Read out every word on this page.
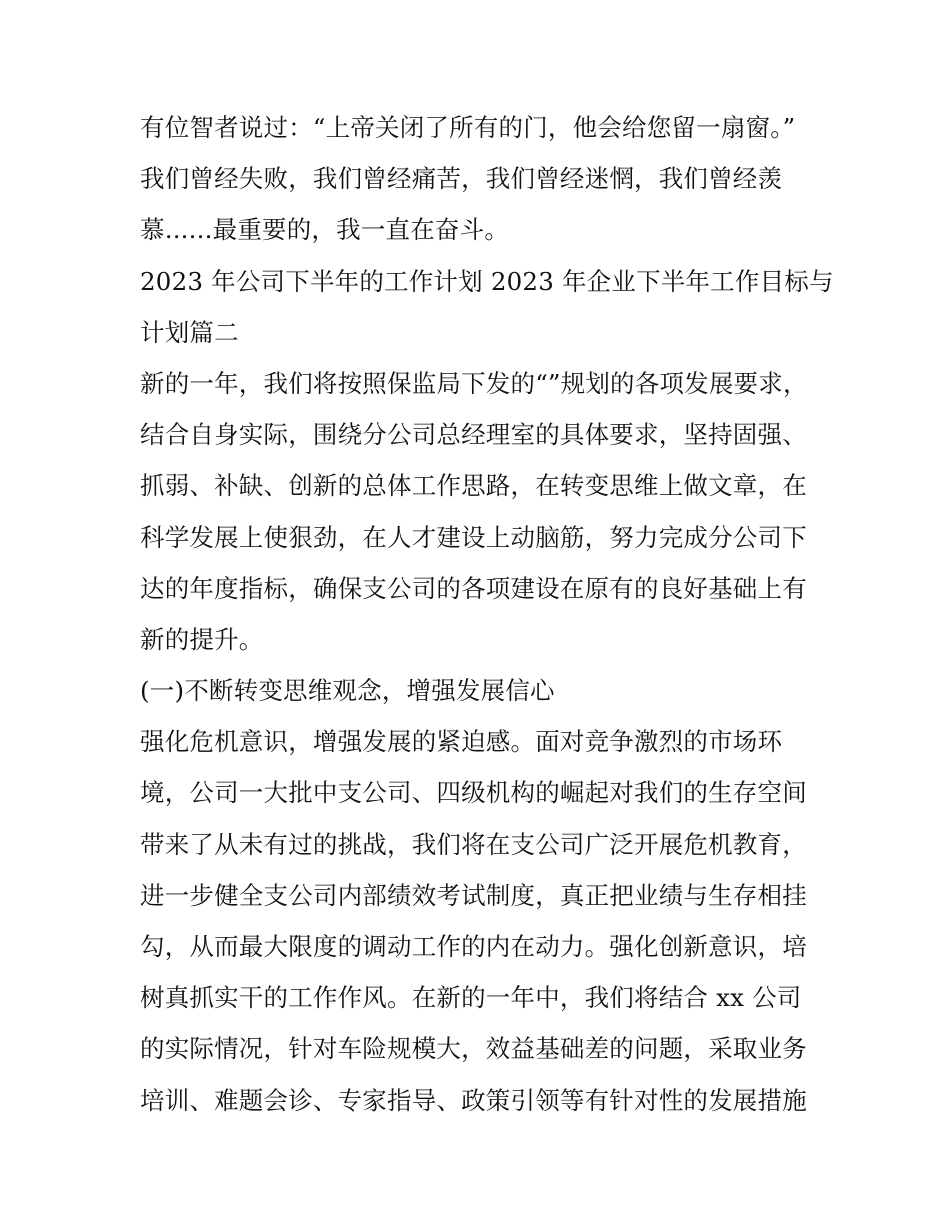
有位智者说过：“上帝关闭了所有的门，他会给您留一扇窗。”

我们曾经失败，我们曾经痛苦，我们曾经迷惘，我们曾经羡

慕......最重要的，我一直在奋斗。

2023 年公司下半年的工作计划 2023 年企业下半年工作目标与

计划篇二

新的一年，我们将按照保监局下发的“”规划的各项发展要求，

结合自身实际，围绕分公司总经理室的具体要求，坚持固强、

抓弱、补缺、创新的总体工作思路，在转变思维上做文章，在

科学发展上使狠劲，在人才建设上动脑筋，努力完成分公司下

达的年度指标，确保支公司的各项建设在原有的良好基础上有

新的提升。

(一)不断转变思维观念，增强发展信心

强化危机意识，增强发展的紧迫感。面对竞争激烈的市场环

境，公司一大批中支公司、四级机构的崛起对我们的生存空间

带来了从未有过的挑战，我们将在支公司广泛开展危机教育，

进一步健全支公司内部绩效考试制度，真正把业绩与生存相挂

勾，从而最大限度的调动工作的内在动力。强化创新意识，培

树真抓实干的工作作风。在新的一年中，我们将结合 xx 公司

的实际情况，针对车险规模大，效益基础差的问题，采取业务

培训、难题会诊、专家指导、政策引领等有针对性的发展措施
